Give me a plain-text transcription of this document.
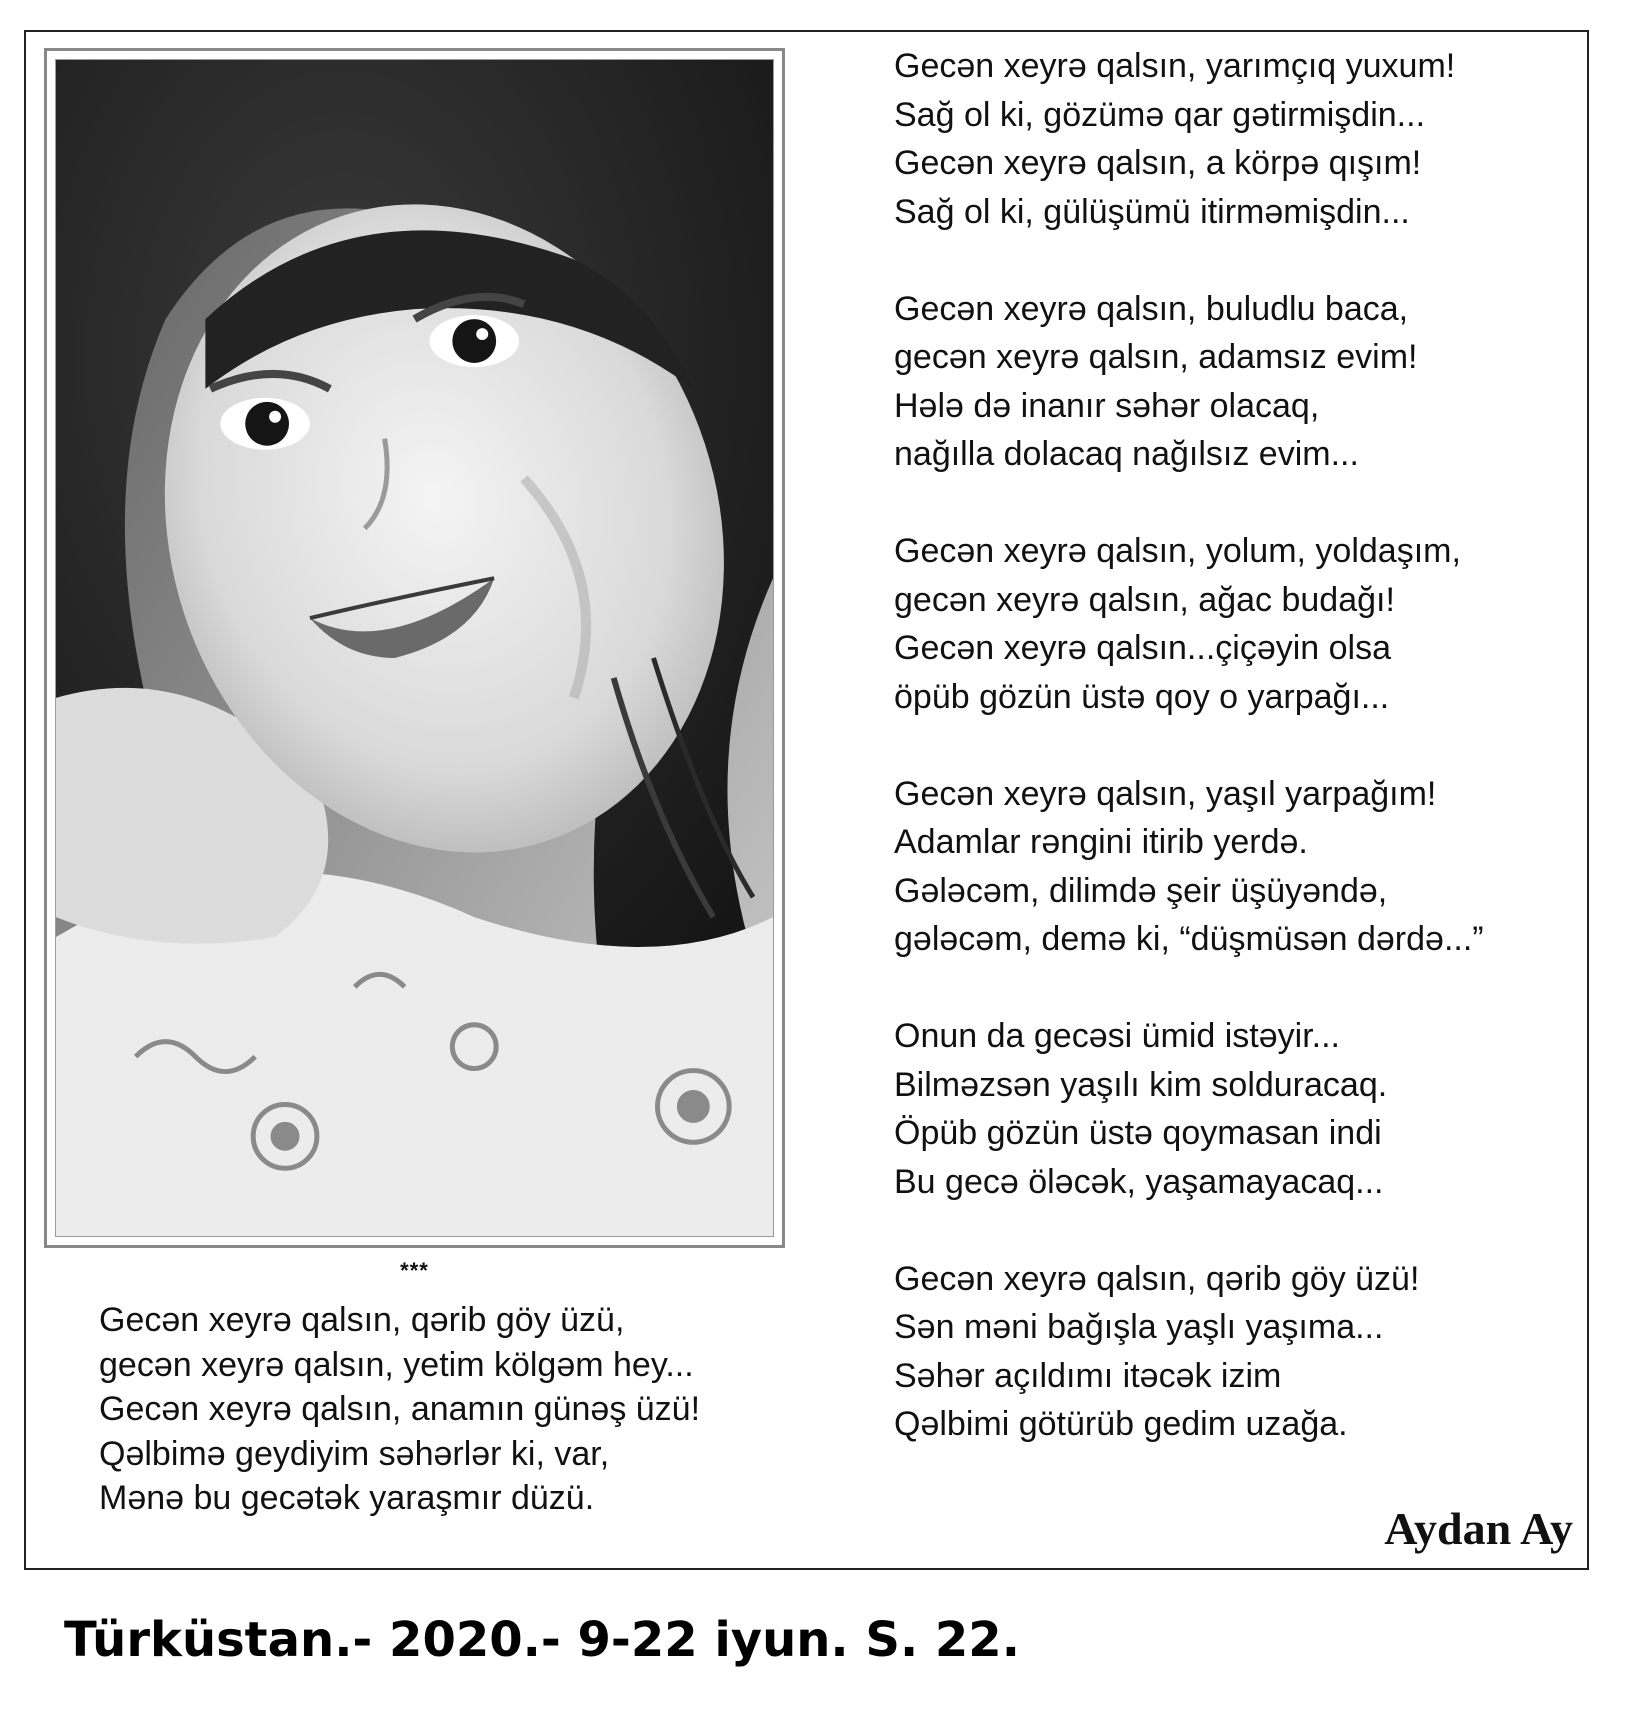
***
Gecən xeyrə qalsın, qərib göy üzü,
gecən xeyrə qalsın, yetim kölgəm hey...
Gecən xeyrə qalsın, anamın günəş üzü!
Qəlbimə geydiyim səhərlər ki, var,
Mənə bu gecətək yaraşmır düzü.
Gecən xeyrə qalsın, yarımçıq yuxum!
Sağ ol ki, gözümə qar gətirmişdin...
Gecən xeyrə qalsın, a körpə qışım!
Sağ ol ki, gülüşümü itirməmişdin...
Gecən xeyrə qalsın, buludlu baca,
gecən xeyrə qalsın, adamsız evim!
Hələ də inanır səhər olacaq,
nağılla dolacaq nağılsız evim...
Gecən xeyrə qalsın, yolum, yoldaşım,
gecən xeyrə qalsın, ağac budağı!
Gecən xeyrə qalsın...çiçəyin olsa
öpüb gözün üstə qoy o yarpağı...
Gecən xeyrə qalsın, yaşıl yarpağım!
Adamlar rəngini itirib yerdə.
Gələcəm, dilimdə şeir üşüyəndə,
gələcəm, demə ki, “düşmüsən dərdə...”
Onun da gecəsi ümid istəyir...
Bilməzsən yaşılı kim solduracaq.
Öpüb gözün üstə qoymasan indi
Bu gecə öləcək, yaşamayacaq...
Gecən xeyrə qalsın, qərib göy üzü!
Sən məni bağışla yaşlı yaşıma...
Səhər açıldımı itəcək izim
Qəlbimi götürüb gedim uzağa.
Aydan Ay
Türküstan.- 2020.- 9-22 iyun. S. 22.
